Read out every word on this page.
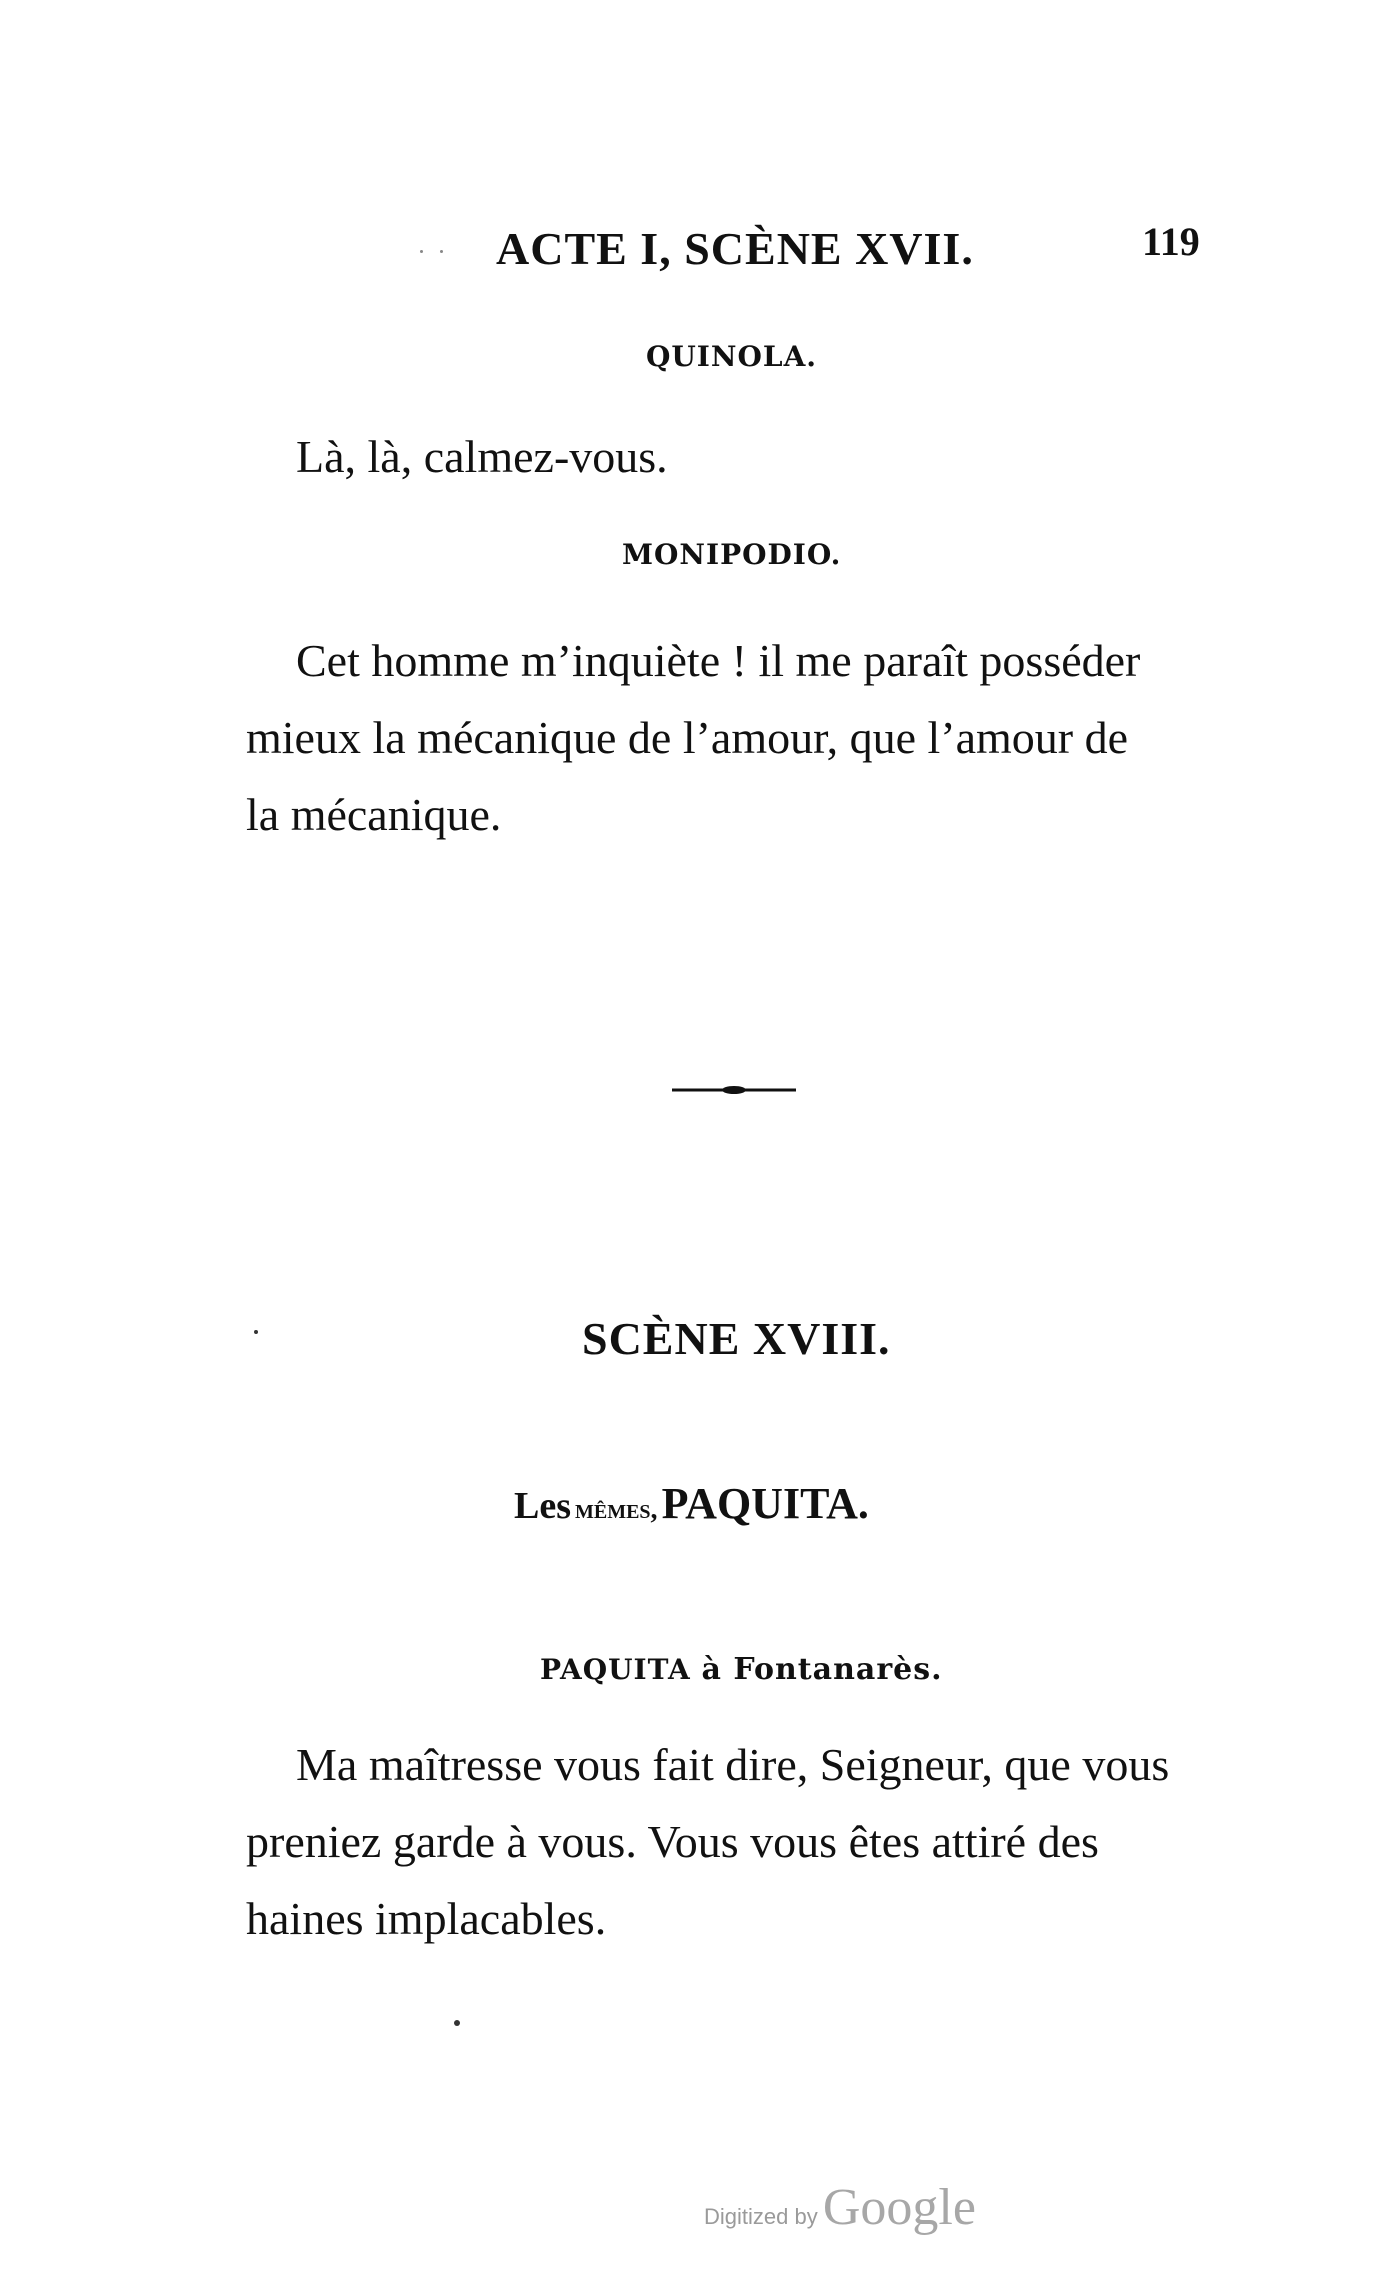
ACTE I, SCÈNE XVII.	119
QUINOLA.

Là, là, calmez-vous.

MONIPODIO.

Cet homme m’inquiète ! il me paraît posséder
mieux la mécanique de l’amour, que l’amour de
la mécanique.

SCÈNE XVIII.
Les mêmes, PAQUITA.
PAQUITA à Fontanarès.

Ma maîtresse vous fait dire, Seigneur, que vous
preniez garde à vous. Vous vous êtes attiré des
haines implacables.

Digitized by Google
